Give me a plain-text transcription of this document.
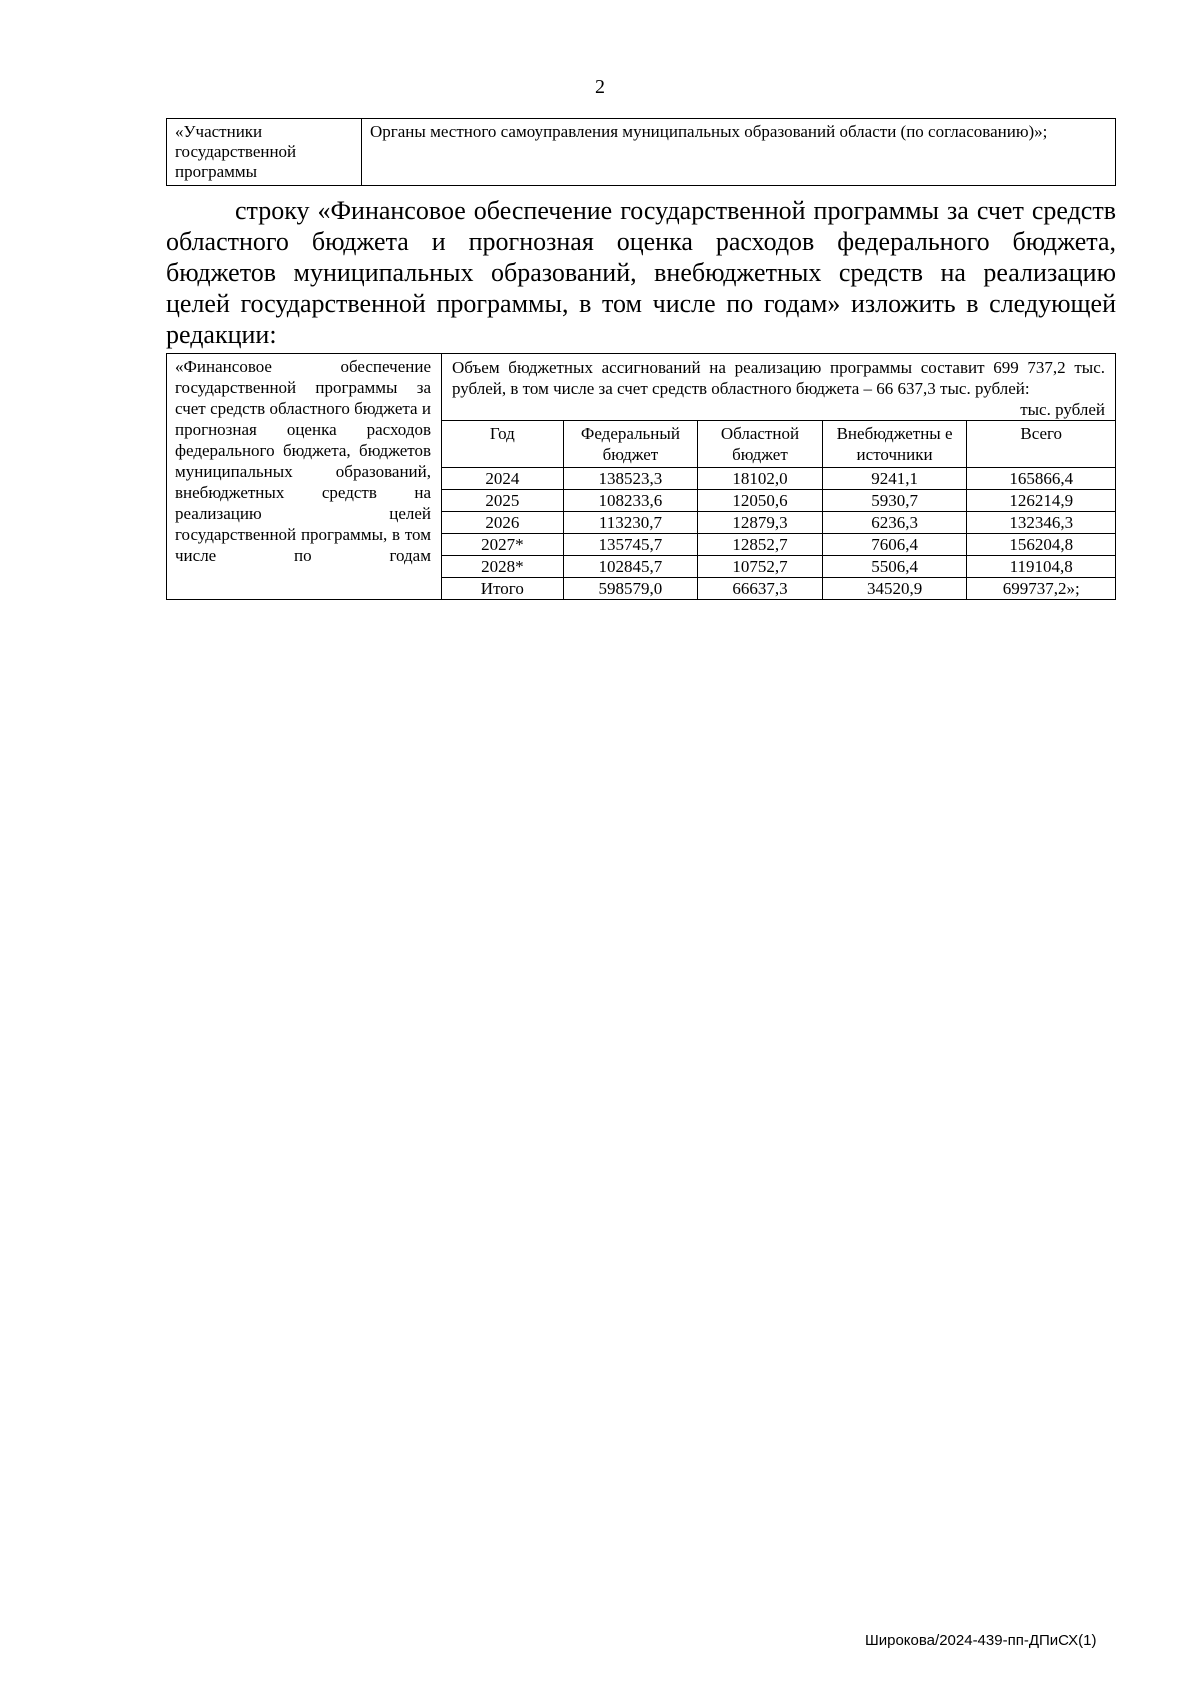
2
«Участники государственной программы	Органы местного самоуправления муниципальных образований области (по согласованию)»;
строку «Финансовое обеспечение государственной программы за счет средств областного бюджета и прогнозная оценка расходов федерального бюджета, бюджетов муниципальных образований, внебюджетных средств на реализацию целей государственной программы, в том числе по годам» изложить в следующей редакции:
«Финансовое обеспечение государственной программы за счет средств областного бюджета и прогнозная оценка расходов федерального бюджета, бюджетов муниципальных образований, внебюджетных средств на реализацию целей государственной программы, в том числе по годам	
Объем бюджетных ассигнований на реализацию программы составит 699 737,2 тыс. рублей, в том числе за счет средств областного бюджета – 66 637,3 тыс. рублей:
тыс. рублей
Год	Федеральный бюджет	Областной бюджет	Внебюджетны е источники	Всего
2024	138523,3	18102,0	9241,1	165866,4
2025	108233,6	12050,6	5930,7	126214,9
2026	113230,7	12879,3	6236,3	132346,3
2027*	135745,7	12852,7	7606,4	156204,8
2028*	102845,7	10752,7	5506,4	119104,8
Итого	598579,0	66637,3	34520,9	699737,2»;
Широкова/2024-439-пп-ДПиСХ(1)
